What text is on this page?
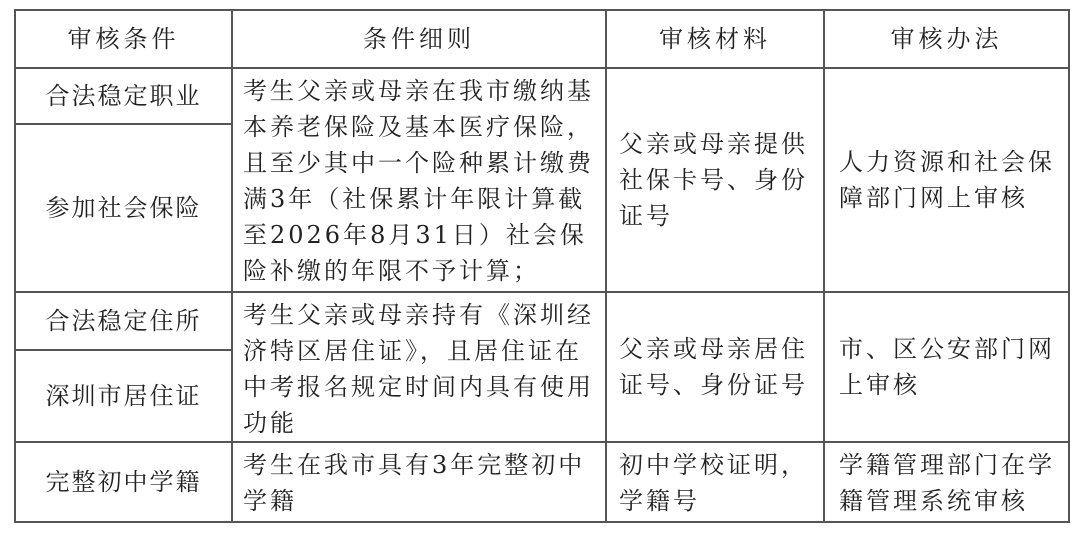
审核条件	条件细则	审核材料	审核办法
合法稳定职业	考生父亲或母亲在我市缴纳基本养老保险及基本医疗保险，且至少其中一个险种累计缴费满3年（社保累计年限计算截至2026年8月31日）社会保险补缴的年限不予计算；	父亲或母亲提供社保卡号、身份证号	人力资源和社会保障部门网上审核
参加社会保险			
合法稳定住所	考生父亲或母亲持有《深圳经济特区居住证》，且居住证在中考报名规定时间内具有使用功能	父亲或母亲居住证号、身份证号	市、区公安部门网上审核
深圳市居住证			
完整初中学籍	考生在我市具有3年完整初中学籍	初中学校证明，学籍号	学籍管理部门在学籍管理系统审核
